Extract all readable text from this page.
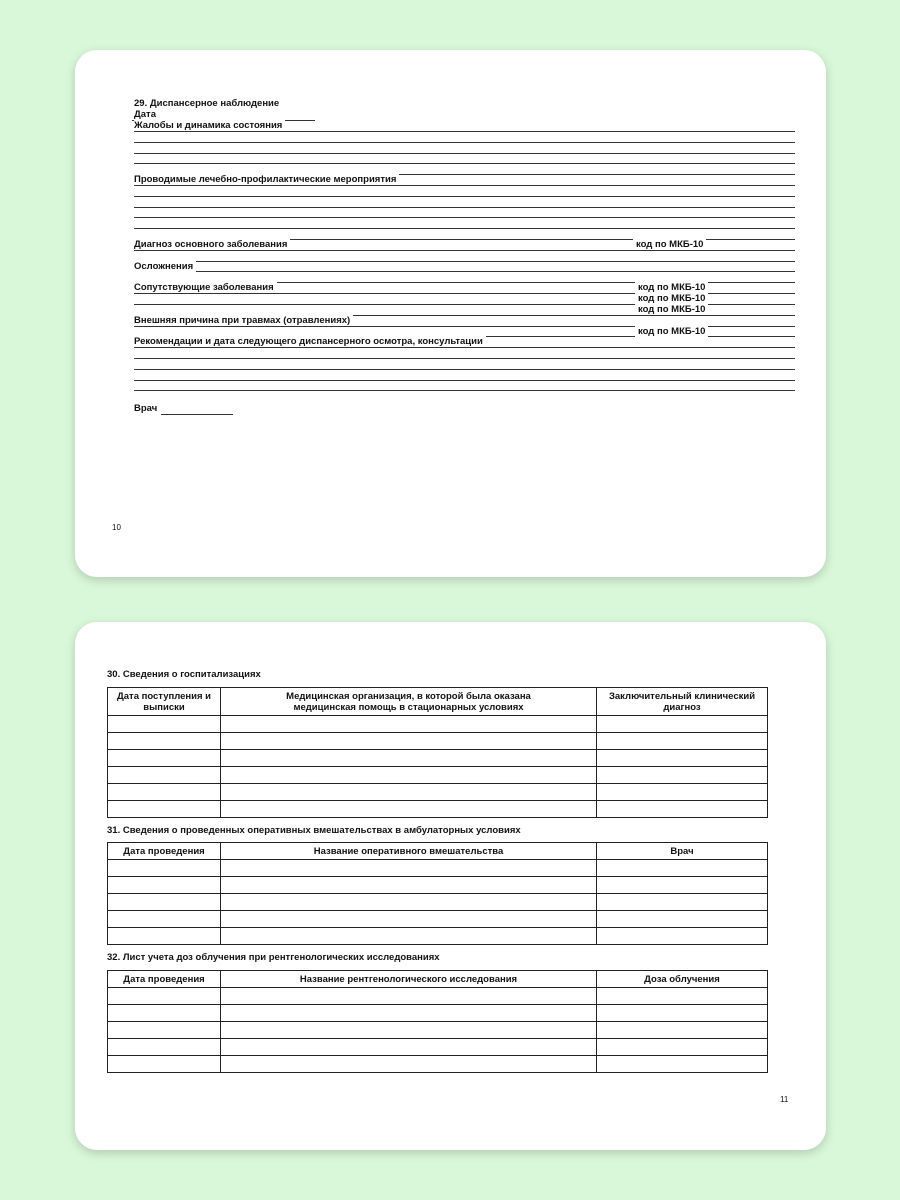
29. Диспансерное наблюдение
Дата
Жалобы и динамика состояния
Проводимые лечебно-профилактические мероприятия
Диагноз основного заболевания	код по МКБ-10
Осложнения
Сопутствующие заболевания	код по МКБ-10
код по МКБ-10
код по МКБ-10
Внешняя причина при травмах (отравлениях)
код по МКБ-10
Рекомендации и дата следующего диспансерного осмотра, консультации
Врач
10
30. Сведения о госпитализациях
Дата поступления и выписки	Медицинская организация, в которой была оказана медицинская помощь в стационарных условиях	Заключительный клинический диагноз

31. Сведения о проведенных оперативных вмешательствах в амбулаторных условиях
Дата проведения	Название оперативного вмешательства	Врач

32. Лист учета доз облучения при рентгенологических исследованиях
Дата проведения	Название рентгенологического исследования	Доза облучения

11
